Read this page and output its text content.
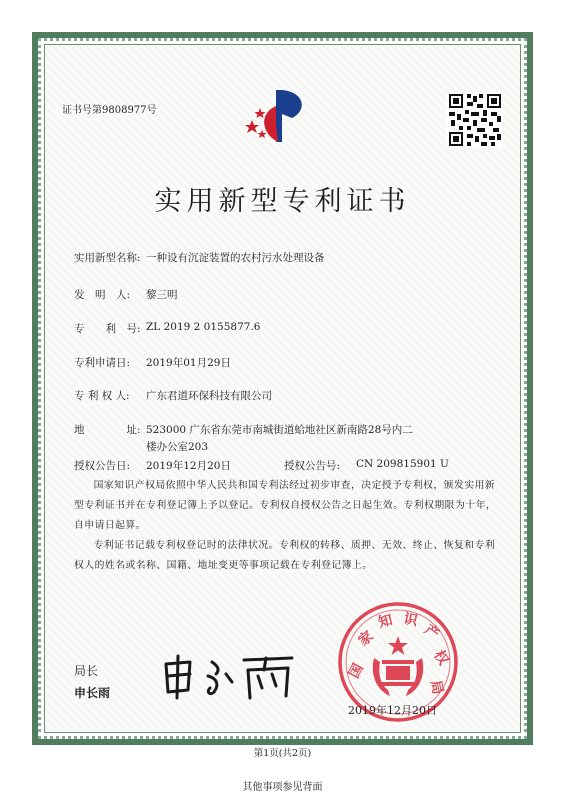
证书号第9808977号
实用新型专利证书
实用新型名称: 一种设有沉淀装置的农村污水处理设备
发　明　人: 黎三明
专　　利　号: ZL 2019 2 0155877.6
专利申请日: 2019年01月29日
专 利 权 人: 广东君道环保科技有限公司
地　　　　址: 523000 广东省东莞市南城街道蛤地社区新南路28号内二
楼办公室203
授权公告日: 2019年12月20日	授权公告号: CN 209815901 U
国家知识产权局依照中华人民共和国专利法经过初步审查，决定授予专利权，颁发实用新型专利证书并在专利登记簿上予以登记。专利权自授权公告之日起生效。专利权期限为十年，自申请日起算。
专利证书记载专利权登记时的法律状况。专利权的转移、质押、无效、终止、恢复和专利权人的姓名或名称、国籍、地址变更等事项记载在专利登记簿上。
局长
申长雨
国
家
知 识
产
权
局
2019年12月20日
第1页(共2页)
其他事项参见背面
